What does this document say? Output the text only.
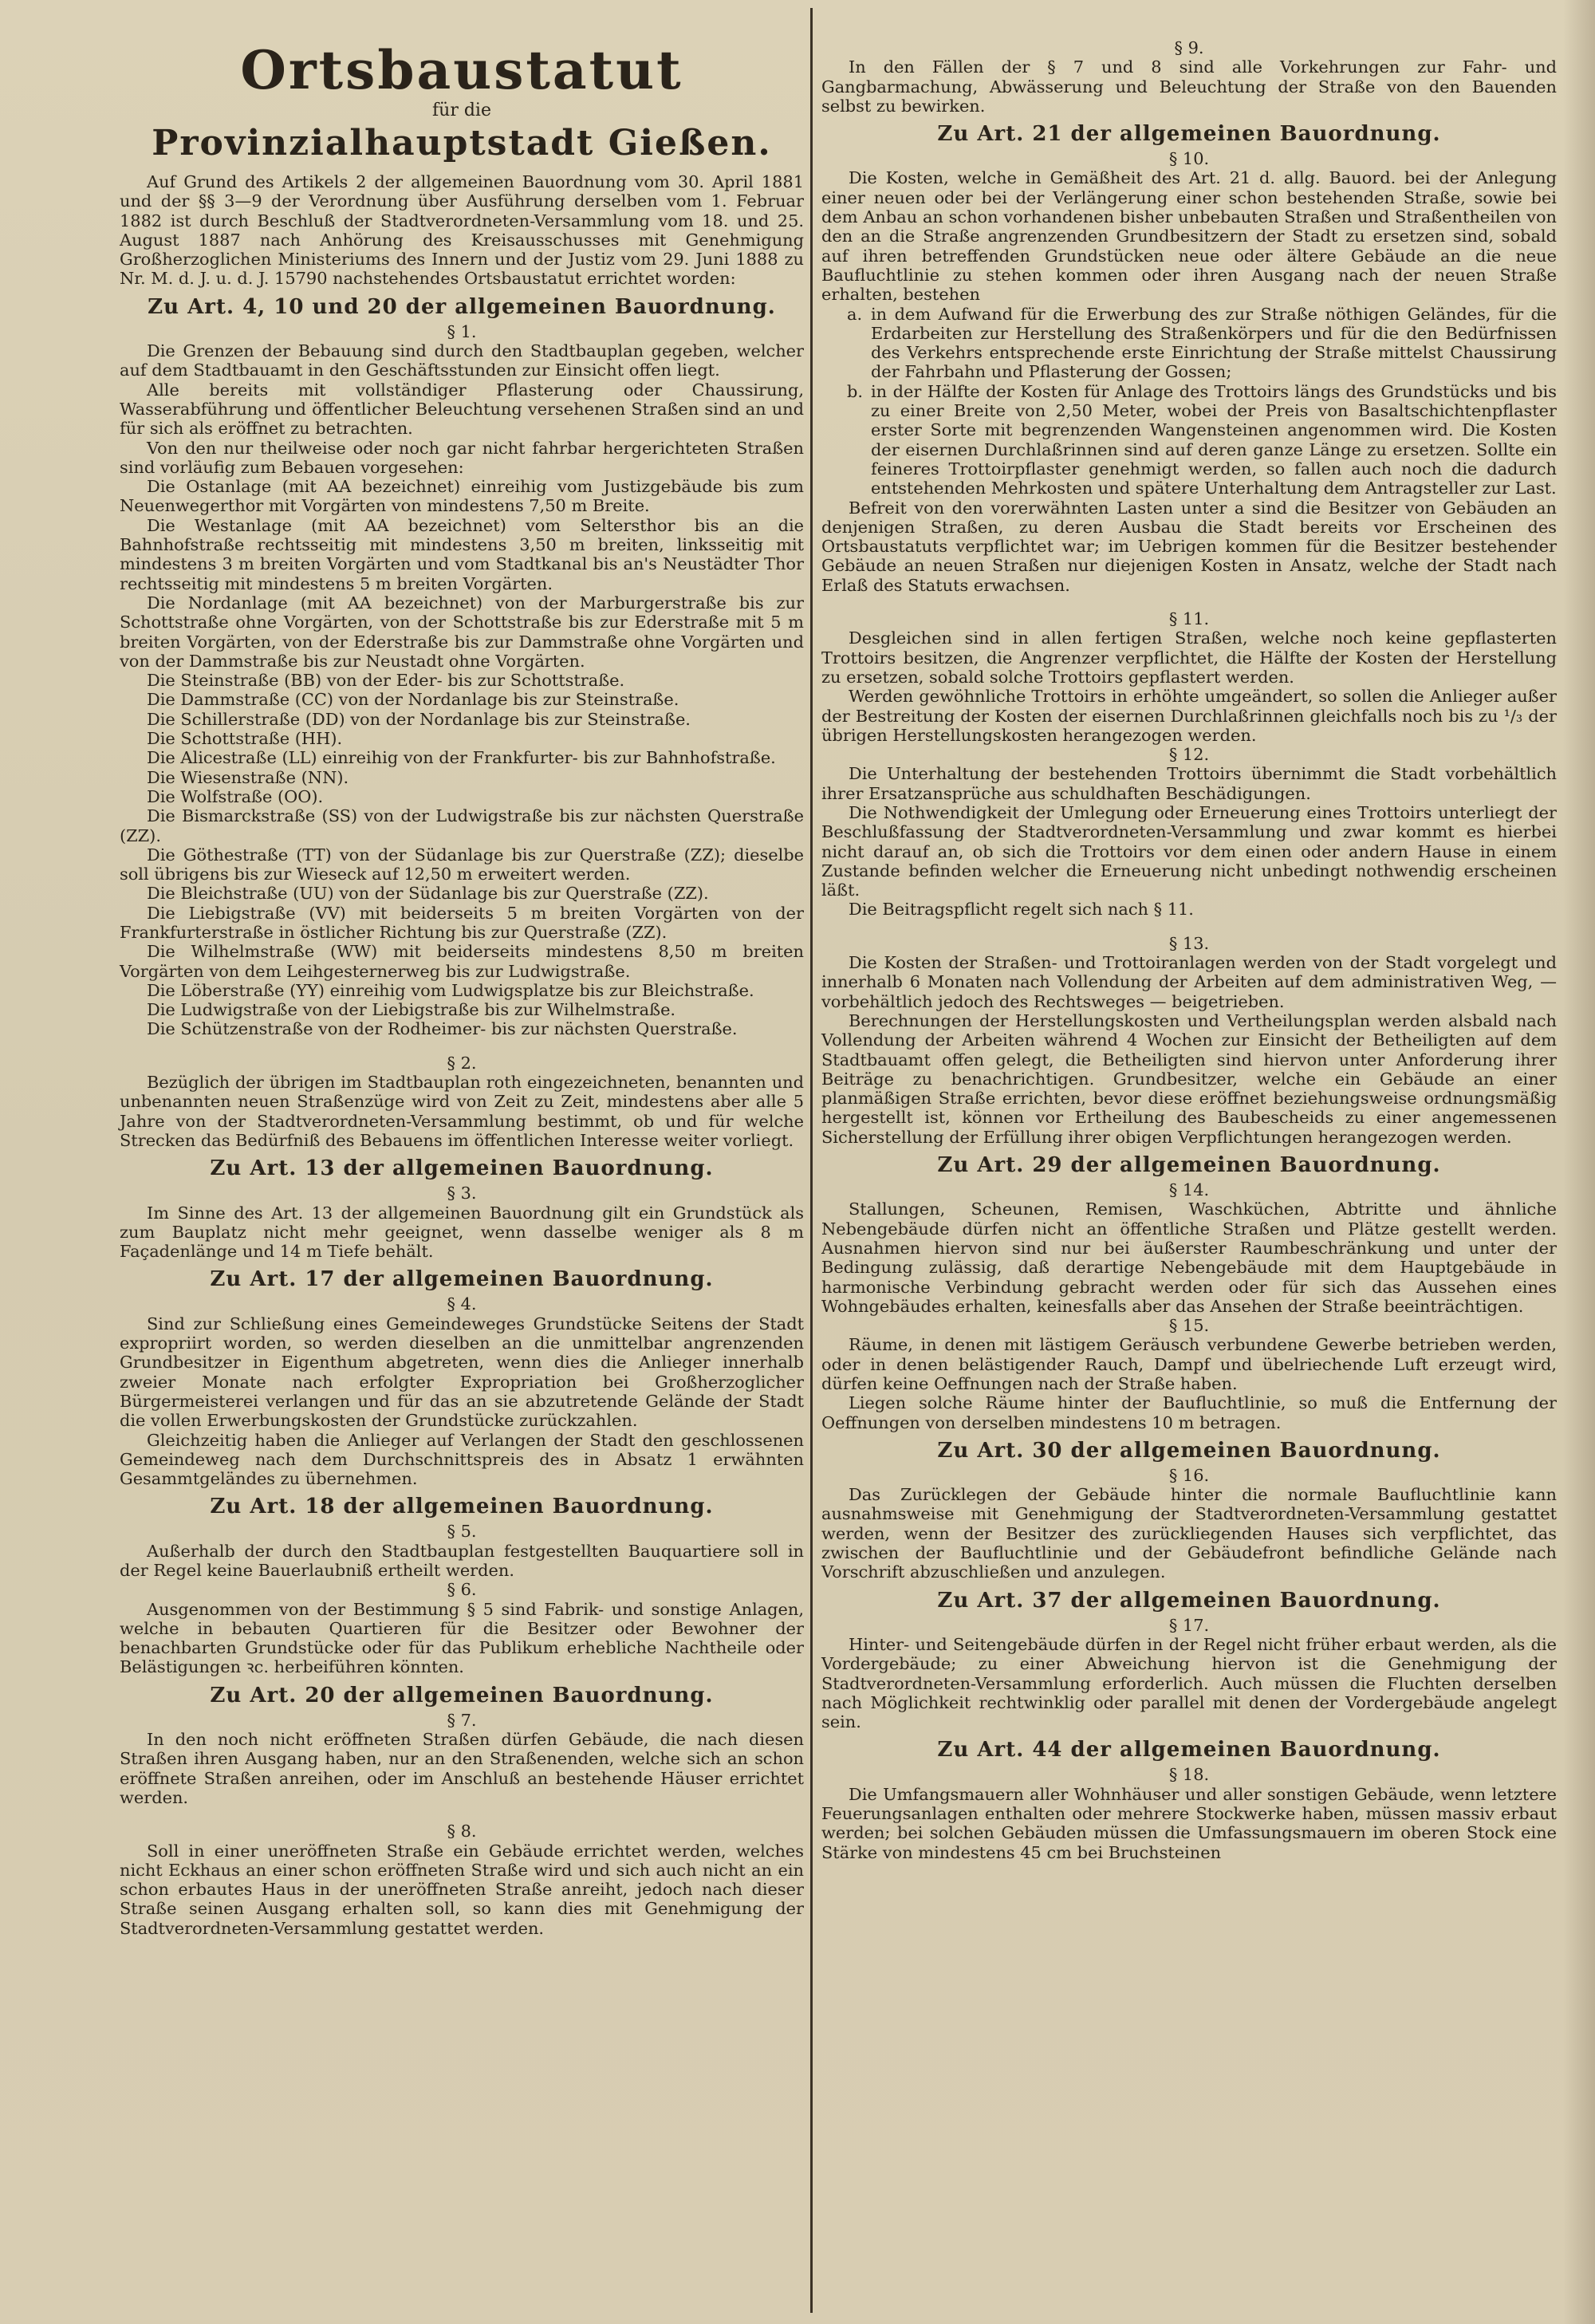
Ortsbaustatut

für die

Provinzialhauptstadt Gießen.

Auf Grund des Artikels 2 der allgemeinen Bauordnung vom 30. April 1881 und der §§ 3—9 der Verordnung über Ausführung derselben vom 1. Februar 1882 ist durch Beschluß der Stadtverordneten-Versammlung vom 18. und 25. August 1887 nach Anhörung des Kreisausschusses mit Genehmigung Großherzoglichen Ministeriums des Innern und der Justiz vom 29. Juni 1888 zu Nr. M. d. J. u. d. J. 15790 nachstehendes Ortsbaustatut errichtet worden:

Zu Art. 4, 10 und 20 der allgemeinen Bauordnung.

§ 1.

Die Grenzen der Bebauung sind durch den Stadtbauplan gegeben, welcher auf dem Stadtbauamt in den Geschäftsstunden zur Einsicht offen liegt.

Alle bereits mit vollständiger Pflasterung oder Chaussirung, Wasserabführung und öffentlicher Beleuchtung versehenen Straßen sind an und für sich als eröffnet zu betrachten.

Von den nur theilweise oder noch gar nicht fahrbar hergerichteten Straßen sind vorläufig zum Bebauen vorgesehen:

Die Ostanlage (mit AA bezeichnet) einreihig vom Justizgebäude bis zum Neuenwegerthor mit Vorgärten von mindestens 7,50 m Breite.

Die Westanlage (mit AA bezeichnet) vom Seltersthor bis an die Bahnhofstraße rechtsseitig mit mindestens 3,50 m breiten, linksseitig mit mindestens 3 m breiten Vorgärten und vom Stadtkanal bis an's Neustädter Thor rechtsseitig mit mindestens 5 m breiten Vorgärten.

Die Nordanlage (mit AA bezeichnet) von der Marburgerstraße bis zur Schottstraße ohne Vorgärten, von der Schottstraße bis zur Ederstraße mit 5 m breiten Vorgärten, von der Ederstraße bis zur Dammstraße ohne Vorgärten und von der Dammstraße bis zur Neustadt ohne Vorgärten.

Die Steinstraße (BB) von der Eder- bis zur Schottstraße.

Die Dammstraße (CC) von der Nordanlage bis zur Steinstraße.

Die Schillerstraße (DD) von der Nordanlage bis zur Steinstraße.

Die Schottstraße (HH).

Die Alicestraße (LL) einreihig von der Frankfurter- bis zur Bahnhofstraße.

Die Wiesenstraße (NN).

Die Wolfstraße (OO).

Die Bismarckstraße (SS) von der Ludwigstraße bis zur nächsten Querstraße (ZZ).

Die Göthestraße (TT) von der Südanlage bis zur Querstraße (ZZ); dieselbe soll übrigens bis zur Wieseck auf 12,50 m erweitert werden.

Die Bleichstraße (UU) von der Südanlage bis zur Querstraße (ZZ).

Die Liebigstraße (VV) mit beiderseits 5 m breiten Vorgärten von der Frankfurterstraße in östlicher Richtung bis zur Querstraße (ZZ).

Die Wilhelmstraße (WW) mit beiderseits mindestens 8,50 m breiten Vorgärten von dem Leihgesternerweg bis zur Ludwigstraße.

Die Löberstraße (YY) einreihig vom Ludwigsplatze bis zur Bleichstraße.

Die Ludwigstraße von der Liebigstraße bis zur Wilhelmstraße.

Die Schützenstraße von der Rodheimer- bis zur nächsten Querstraße.

§ 2.

Bezüglich der übrigen im Stadtbauplan roth eingezeichneten, benannten und unbenannten neuen Straßenzüge wird von Zeit zu Zeit, mindestens aber alle 5 Jahre von der Stadtverordneten-Versammlung bestimmt, ob und für welche Strecken das Bedürfniß des Bebauens im öffentlichen Interesse weiter vorliegt.

Zu Art. 13 der allgemeinen Bauordnung.

§ 3.

Im Sinne des Art. 13 der allgemeinen Bauordnung gilt ein Grundstück als zum Bauplatz nicht mehr geeignet, wenn dasselbe weniger als 8 m Façadenlänge und 14 m Tiefe behält.

Zu Art. 17 der allgemeinen Bauordnung.

§ 4.

Sind zur Schließung eines Gemeindeweges Grundstücke Seitens der Stadt expropriirt worden, so werden dieselben an die unmittelbar angrenzenden Grundbesitzer in Eigenthum abgetreten, wenn dies die Anlieger innerhalb zweier Monate nach erfolgter Expropriation bei Großherzoglicher Bürgermeisterei verlangen und für das an sie abzutretende Gelände der Stadt die vollen Erwerbungskosten der Grundstücke zurückzahlen.

Gleichzeitig haben die Anlieger auf Verlangen der Stadt den geschlossenen Gemeindeweg nach dem Durchschnittspreis des in Absatz 1 erwähnten Gesammtgeländes zu übernehmen.

Zu Art. 18 der allgemeinen Bauordnung.

§ 5.

Außerhalb der durch den Stadtbauplan festgestellten Bauquartiere soll in der Regel keine Bauerlaubniß ertheilt werden.

§ 6.

Ausgenommen von der Bestimmung § 5 sind Fabrik- und sonstige Anlagen, welche in bebauten Quartieren für die Besitzer oder Bewohner der benachbarten Grundstücke oder für das Publikum erhebliche Nachtheile oder Belästigungen ꝛc. herbeiführen könnten.

Zu Art. 20 der allgemeinen Bauordnung.

§ 7.

In den noch nicht eröffneten Straßen dürfen Gebäude, die nach diesen Straßen ihren Ausgang haben, nur an den Straßenenden, welche sich an schon eröffnete Straßen anreihen, oder im Anschluß an bestehende Häuser errichtet werden.

§ 8.

Soll in einer uneröffneten Straße ein Gebäude errichtet werden, welches nicht Eckhaus an einer schon eröffneten Straße wird und sich auch nicht an ein schon erbautes Haus in der uneröffneten Straße anreiht, jedoch nach dieser Straße seinen Ausgang erhalten soll, so kann dies mit Genehmigung der Stadtverordneten-Versammlung gestattet werden.

§ 9.

In den Fällen der § 7 und 8 sind alle Vorkehrungen zur Fahr- und Gangbarmachung, Abwässerung und Beleuchtung der Straße von den Bauenden selbst zu bewirken.

Zu Art. 21 der allgemeinen Bauordnung.

§ 10.

Die Kosten, welche in Gemäßheit des Art. 21 d. allg. Bauord. bei der Anlegung einer neuen oder bei der Verlängerung einer schon bestehenden Straße, sowie bei dem Anbau an schon vorhandenen bisher unbebauten Straßen und Straßentheilen von den an die Straße angrenzenden Grundbesitzern der Stadt zu ersetzen sind, sobald auf ihren betreffenden Grundstücken neue oder ältere Gebäude an die neue Baufluchtlinie zu stehen kommen oder ihren Ausgang nach der neuen Straße erhalten, bestehen

a. in dem Aufwand für die Erwerbung des zur Straße nöthigen Geländes, für die Erdarbeiten zur Herstellung des Straßenkörpers und für die den Bedürfnissen des Verkehrs entsprechende erste Einrichtung der Straße mittelst Chaussirung der Fahrbahn und Pflasterung der Gossen;

b. in der Hälfte der Kosten für Anlage des Trottoirs längs des Grundstücks und bis zu einer Breite von 2,50 Meter, wobei der Preis von Basaltschichtenpflaster erster Sorte mit begrenzenden Wangensteinen angenommen wird. Die Kosten der eisernen Durchlaßrinnen sind auf deren ganze Länge zu ersetzen. Sollte ein feineres Trottoirpflaster genehmigt werden, so fallen auch noch die dadurch entstehenden Mehrkosten und spätere Unterhaltung dem Antragsteller zur Last.

Befreit von den vorerwähnten Lasten unter a sind die Besitzer von Gebäuden an denjenigen Straßen, zu deren Ausbau die Stadt bereits vor Erscheinen des Ortsbaustatuts verpflichtet war; im Uebrigen kommen für die Besitzer bestehender Gebäude an neuen Straßen nur diejenigen Kosten in Ansatz, welche der Stadt nach Erlaß des Statuts erwachsen.

§ 11.

Desgleichen sind in allen fertigen Straßen, welche noch keine gepflasterten Trottoirs besitzen, die Angrenzer verpflichtet, die Hälfte der Kosten der Herstellung zu ersetzen, sobald solche Trottoirs gepflastert werden.

Werden gewöhnliche Trottoirs in erhöhte umgeändert, so sollen die Anlieger außer der Bestreitung der Kosten der eisernen Durchlaßrinnen gleichfalls noch bis zu ¹/₃ der übrigen Herstellungskosten herangezogen werden.

§ 12.

Die Unterhaltung der bestehenden Trottoirs übernimmt die Stadt vorbehältlich ihrer Ersatzansprüche aus schuldhaften Beschädigungen.

Die Nothwendigkeit der Umlegung oder Erneuerung eines Trottoirs unterliegt der Beschlußfassung der Stadtverordneten-Versammlung und zwar kommt es hierbei nicht darauf an, ob sich die Trottoirs vor dem einen oder andern Hause in einem Zustande befinden welcher die Erneuerung nicht unbedingt nothwendig erscheinen läßt.

Die Beitragspflicht regelt sich nach § 11.

§ 13.

Die Kosten der Straßen- und Trottoiranlagen werden von der Stadt vorgelegt und innerhalb 6 Monaten nach Vollendung der Arbeiten auf dem administrativen Weg, — vorbehältlich jedoch des Rechtsweges — beigetrieben.

Berechnungen der Herstellungskosten und Vertheilungsplan werden alsbald nach Vollendung der Arbeiten während 4 Wochen zur Einsicht der Betheiligten auf dem Stadtbauamt offen gelegt, die Betheiligten sind hiervon unter Anforderung ihrer Beiträge zu benachrichtigen. Grundbesitzer, welche ein Gebäude an einer planmäßigen Straße errichten, bevor diese eröffnet beziehungsweise ordnungsmäßig hergestellt ist, können vor Ertheilung des Baubescheids zu einer angemessenen Sicherstellung der Erfüllung ihrer obigen Verpflichtungen herangezogen werden.

Zu Art. 29 der allgemeinen Bauordnung.

§ 14.

Stallungen, Scheunen, Remisen, Waschküchen, Abtritte und ähnliche Nebengebäude dürfen nicht an öffentliche Straßen und Plätze gestellt werden. Ausnahmen hiervon sind nur bei äußerster Raumbeschränkung und unter der Bedingung zulässig, daß derartige Nebengebäude mit dem Hauptgebäude in harmonische Verbindung gebracht werden oder für sich das Aussehen eines Wohngebäudes erhalten, keinesfalls aber das Ansehen der Straße beeinträchtigen.

§ 15.

Räume, in denen mit lästigem Geräusch verbundene Gewerbe betrieben werden, oder in denen belästigender Rauch, Dampf und übelriechende Luft erzeugt wird, dürfen keine Oeffnungen nach der Straße haben.

Liegen solche Räume hinter der Baufluchtlinie, so muß die Entfernung der Oeffnungen von derselben mindestens 10 m betragen.

Zu Art. 30 der allgemeinen Bauordnung.

§ 16.

Das Zurücklegen der Gebäude hinter die normale Baufluchtlinie kann ausnahmsweise mit Genehmigung der Stadtverordneten-Versammlung gestattet werden, wenn der Besitzer des zurückliegenden Hauses sich verpflichtet, das zwischen der Baufluchtlinie und der Gebäudefront befindliche Gelände nach Vorschrift abzuschließen und anzulegen.

Zu Art. 37 der allgemeinen Bauordnung.

§ 17.

Hinter- und Seitengebäude dürfen in der Regel nicht früher erbaut werden, als die Vordergebäude; zu einer Abweichung hiervon ist die Genehmigung der Stadtverordneten-Versammlung erforderlich. Auch müssen die Fluchten derselben nach Möglichkeit rechtwinklig oder parallel mit denen der Vordergebäude angelegt sein.

Zu Art. 44 der allgemeinen Bauordnung.

§ 18.

Die Umfangsmauern aller Wohnhäuser und aller sonstigen Gebäude, wenn letztere Feuerungsanlagen enthalten oder mehrere Stockwerke haben, müssen massiv erbaut werden; bei solchen Gebäuden müssen die Umfassungsmauern im oberen Stock eine Stärke von mindestens 45 cm bei Bruchsteinen
